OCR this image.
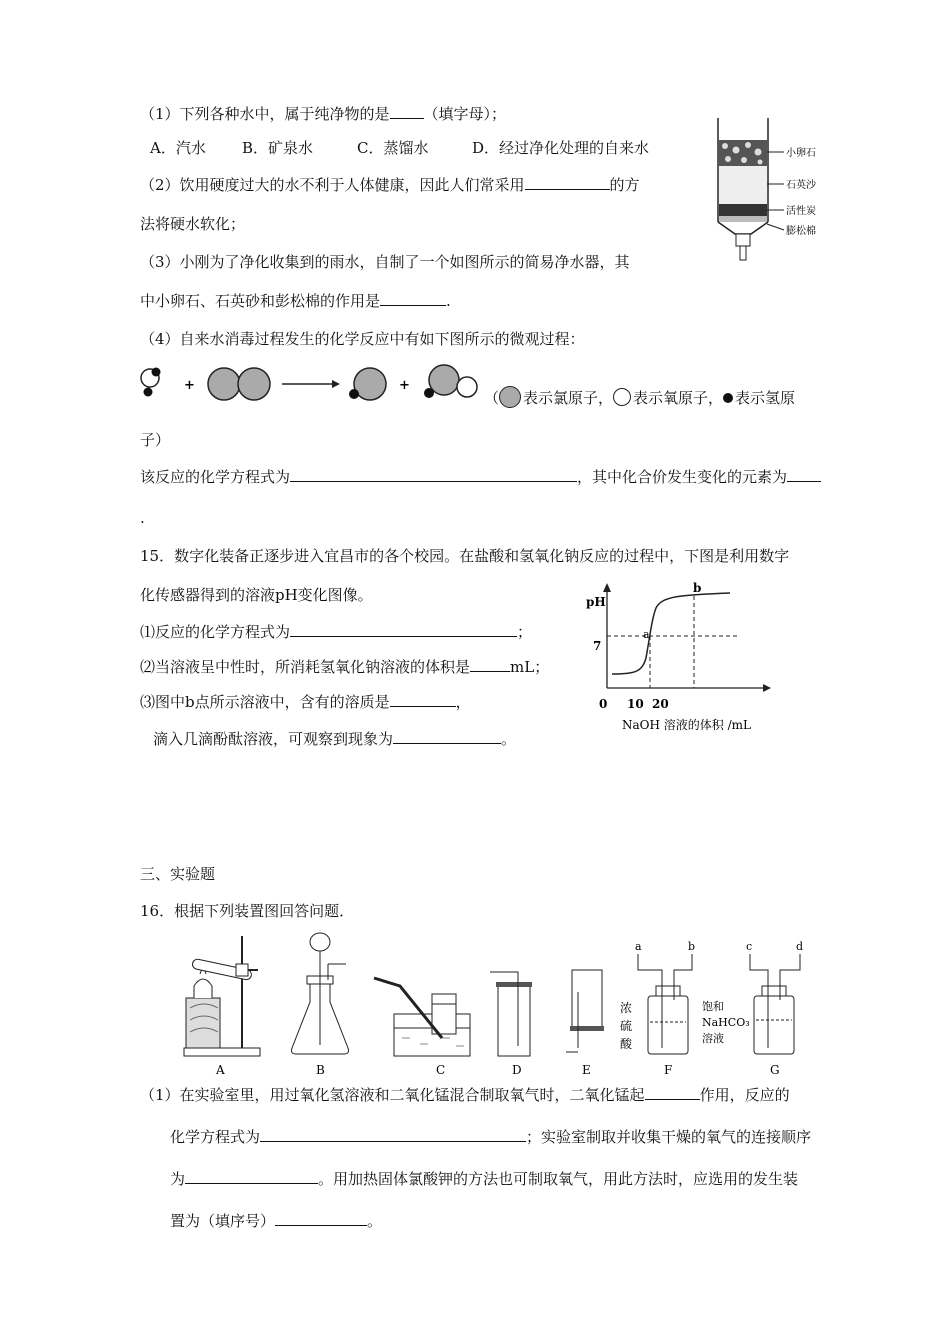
（1）下列各种水中，属于纯净物的是 （填字母）；
A．汽水 B．矿泉水	C．蒸馏水	D．经过净化处理的自来水
（2）饮用硬度过大的水不利于人体健康，因此人们常采用	的方
法将硬水软化；
（3）小刚为了净化收集到的雨水，自制了一个如图所示的简易净水器，其
中小卵石、石英砂和彭松棉的作用是	.
（4）自来水消毒过程发生的化学反应中有如下图所示的微观过程：
小卵石
石英沙
活性炭
膨松棉
+	+
（ 表示氯原子， 表示氧原子， 表示氢原
子）
该反应的化学方程式为	，其中化合价发生变化的元素为
.
15．数字化装备正逐步进入宜昌市的各个校园。在盐酸和氢氧化钠反应的过程中，下图是利用数字
化传感器得到的溶液pH变化图像。
⑴反应的化学方程式为	；
⑵当溶液呈中性时，所消耗氢氧化钠溶液的体积是	mL；
⑶图中b点所示溶液中，含有的溶质是	，
滴入几滴酚酞溶液，可观察到现象为	。
pH
7
a
b
0 10 20
NaOH 溶液的体积 /mL
三、实验题
16．根据下列装置图回答问题．
a	b
浓
硫
酸
c	d
饱和
NaHCO₃
溶液
A	B	C	D	E	F	G
（1）在实验室里，用过氧化氢溶液和二氧化锰混合制取氧气时，二氧化锰起	作用，反应的
化学方程式为	；实验室制取并收集干燥的氧气的连接顺序
为	。用加热固体氯酸钾的方法也可制取氧气，用此方法时，应选用的发生装
置为（填序号）	。
